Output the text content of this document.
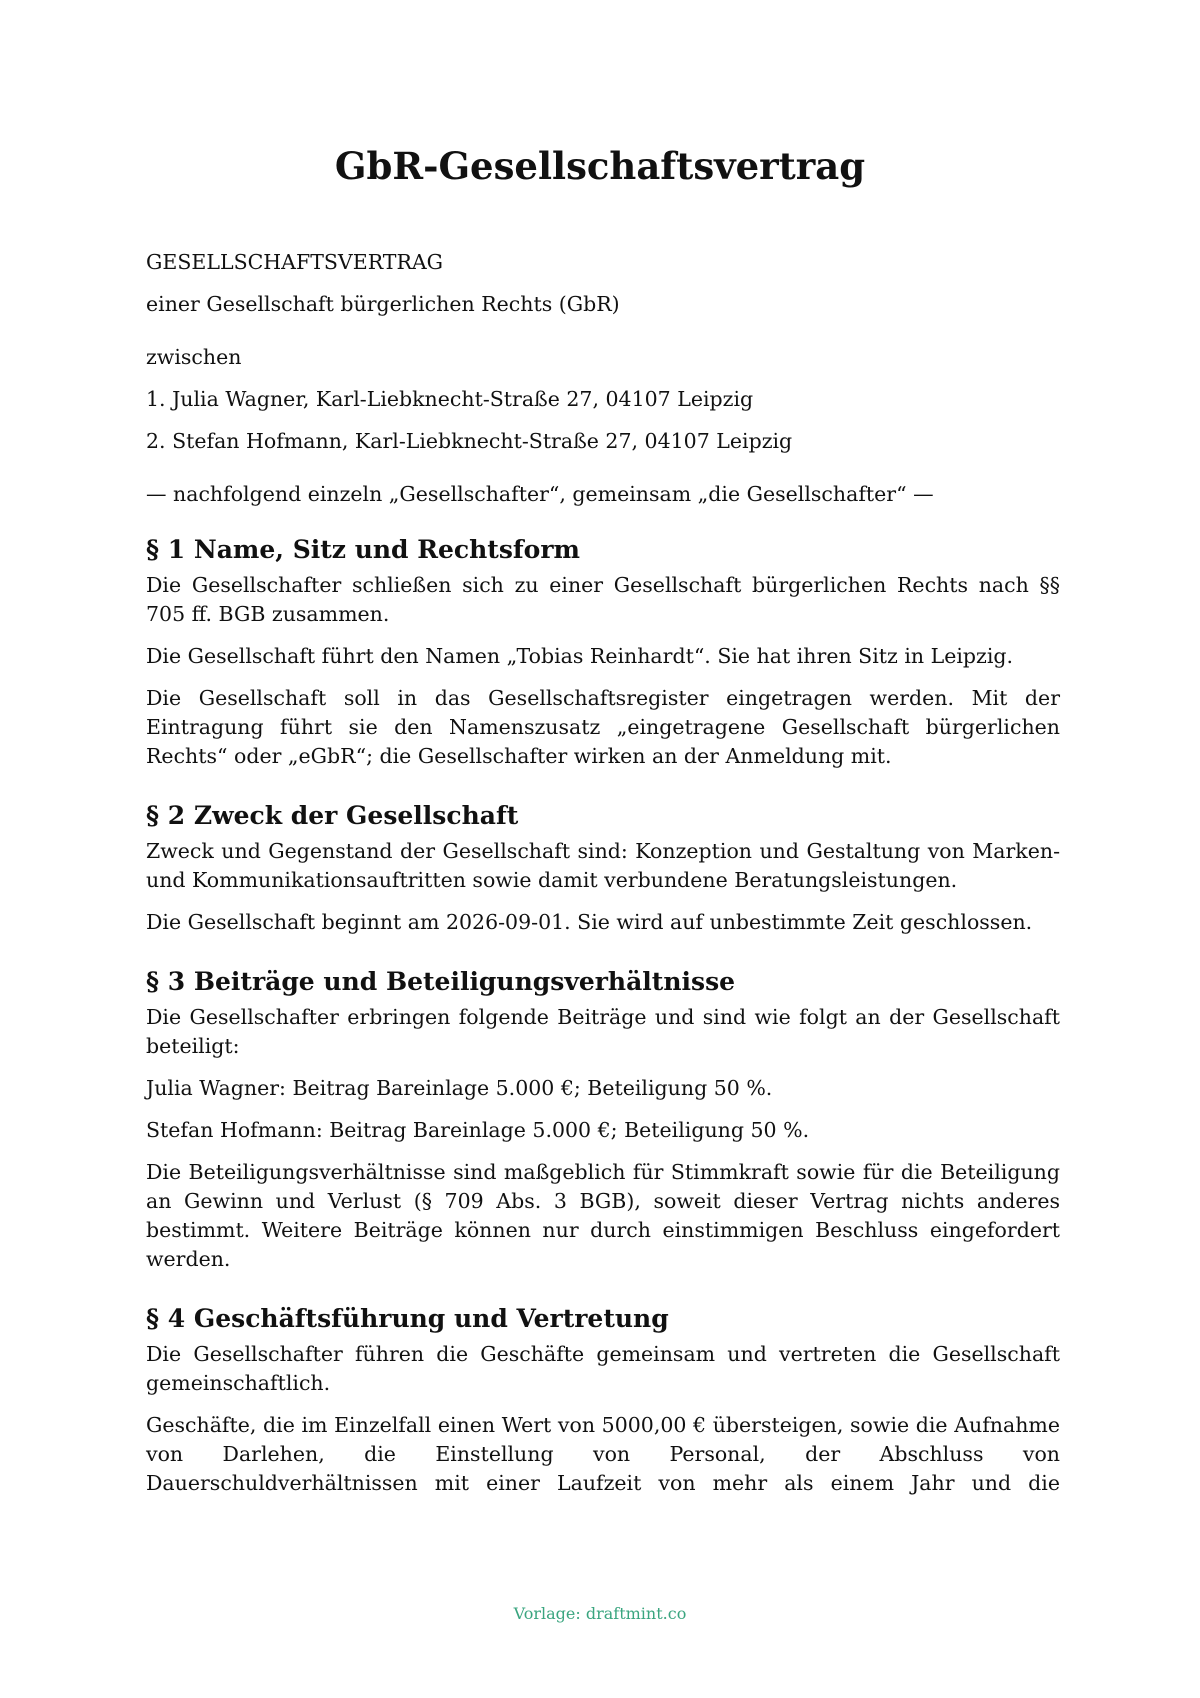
GbR-Gesellschaftsvertrag

GESELLSCHAFTSVERTRAG

einer Gesellschaft bürgerlichen Rechts (GbR)

zwischen

1. Julia Wagner, Karl-Liebknecht-Straße 27, 04107 Leipzig

2. Stefan Hofmann, Karl-Liebknecht-Straße 27, 04107 Leipzig

— nachfolgend einzeln „Gesellschafter“, gemeinsam „die Gesellschafter“ —

§ 1 Name, Sitz und Rechtsform

Die Gesellschafter schließen sich zu einer Gesellschaft bürgerlichen Rechts nach §§ 705 ff. BGB zusammen.

Die Gesellschaft führt den Namen „Tobias Reinhardt“. Sie hat ihren Sitz in Leipzig.

Die Gesellschaft soll in das Gesellschaftsregister eingetragen werden. Mit der Eintragung führt sie den Namenszusatz „eingetragene Gesellschaft bürgerlichen Rechts“ oder „eGbR“; die Gesellschafter wirken an der Anmeldung mit.

§ 2 Zweck der Gesellschaft

Zweck und Gegenstand der Gesellschaft sind: Konzeption und Gestaltung von Marken- und Kommunikationsauftritten sowie damit verbundene Beratungsleistungen.

Die Gesellschaft beginnt am 2026-09-01. Sie wird auf unbestimmte Zeit geschlossen.

§ 3 Beiträge und Beteiligungsverhältnisse

Die Gesellschafter erbringen folgende Beiträge und sind wie folgt an der Gesellschaft beteiligt:

Julia Wagner: Beitrag Bareinlage 5.000 €; Beteiligung 50 %.

Stefan Hofmann: Beitrag Bareinlage 5.000 €; Beteiligung 50 %.

Die Beteiligungsverhältnisse sind maßgeblich für Stimmkraft sowie für die Beteiligung an Gewinn und Verlust (§ 709 Abs. 3 BGB), soweit dieser Vertrag nichts anderes bestimmt. Weitere Beiträge können nur durch einstimmigen Beschluss eingefordert werden.

§ 4 Geschäftsführung und Vertretung

Die Gesellschafter führen die Geschäfte gemeinsam und vertreten die Gesellschaft gemeinschaftlich.

Geschäfte, die im Einzelfall einen Wert von 5000,00 € übersteigen, sowie die Aufnahme von Darlehen, die Einstellung von Personal, der Abschluss von Dauerschuldverhältnissen mit einer Laufzeit von mehr als einem Jahr und die

Vorlage: draftmint.co
